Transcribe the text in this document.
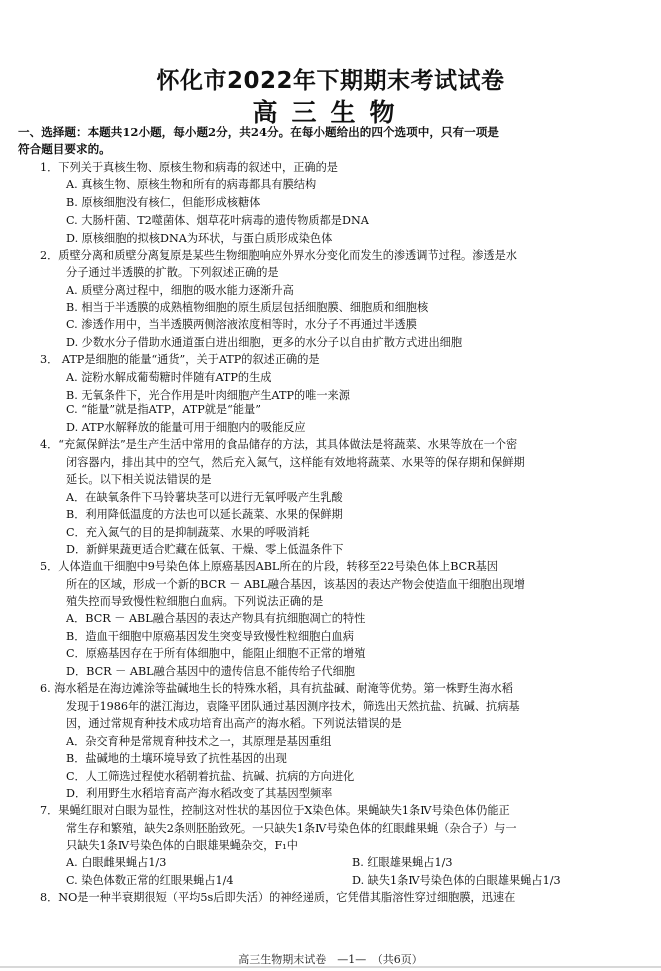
怀化市2022年下期期末考试试卷
高三生物
一、选择题：本题共12小题，每小题2分，共24分。在每小题给出的四个选项中，只有一项是
符合题目要求的。
1．下列关于真核生物、原核生物和病毒的叙述中，正确的是
A. 真核生物、原核生物和所有的病毒都具有膜结构
B. 原核细胞没有核仁，但能形成核糖体
C. 大肠杆菌、T2噬菌体、烟草花叶病毒的遗传物质都是DNA
D. 原核细胞的拟核DNA为环状，与蛋白质形成染色体
2．质壁分离和质壁分离复原是某些生物细胞响应外界水分变化而发生的渗透调节过程。渗透是水
分子通过半透膜的扩散。下列叙述正确的是
A. 质壁分离过程中，细胞的吸水能力逐渐升高
B. 相当于半透膜的成熟植物细胞的原生质层包括细胞膜、细胞质和细胞核
C. 渗透作用中，当半透膜两侧溶液浓度相等时，水分子不再通过半透膜
D. 少数水分子借助水通道蛋白进出细胞，更多的水分子以自由扩散方式进出细胞
3． ATP是细胞的能量“通货”，关于ATP的叙述正确的是
A. 淀粉水解成葡萄糖时伴随有ATP的生成
B. 无氧条件下，光合作用是叶肉细胞产生ATP的唯一来源
C. “能量”就是指ATP，ATP就是“能量”
D. ATP水解释放的能量可用于细胞内的吸能反应
4．“充氮保鲜法”是生产生活中常用的食品储存的方法，其具体做法是将蔬菜、水果等放在一个密
闭容器内，排出其中的空气，然后充入氮气，这样能有效地将蔬菜、水果等的保存期和保鲜期
延长。以下相关说法错误的是
A．在缺氧条件下马铃薯块茎可以进行无氧呼吸产生乳酸
B．利用降低温度的方法也可以延长蔬菜、水果的保鲜期
C．充入氮气的目的是抑制蔬菜、水果的呼吸消耗
D．新鲜果蔬更适合贮藏在低氧、干燥、零上低温条件下
5．人体造血干细胞中9号染色体上原癌基因ABL所在的片段，转移至22号染色体上BCR基因
所在的区域，形成一个新的BCR － ABL融合基因，该基因的表达产物会使造血干细胞出现增
殖失控而导致慢性粒细胞白血病。下列说法正确的是
A．BCR － ABL融合基因的表达产物具有抗细胞凋亡的特性
B．造血干细胞中原癌基因发生突变导致慢性粒细胞白血病
C．原癌基因存在于所有体细胞中，能阻止细胞不正常的增殖
D．BCR － ABL融合基因中的遗传信息不能传给子代细胞
6. 海水稻是在海边滩涂等盐碱地生长的特殊水稻，具有抗盐碱、耐淹等优势。第一株野生海水稻
发现于1986年的湛江海边，袁隆平团队通过基因测序技术，筛选出天然抗盐、抗碱、抗病基
因，通过常规育种技术成功培育出高产的海水稻。下列说法错误的是
A．杂交育种是常规育种技术之一，其原理是基因重组
B．盐碱地的土壤环境导致了抗性基因的出现
C．人工筛选过程使水稻朝着抗盐、抗碱、抗病的方向进化
D．利用野生水稻培育高产海水稻改变了其基因型频率
7．果蝇红眼对白眼为显性，控制这对性状的基因位于X染色体。果蝇缺失1条Ⅳ号染色体仍能正
常生存和繁殖，缺失2条则胚胎致死。一只缺失1条Ⅳ号染色体的红眼雌果蝇（杂合子）与一
只缺失1条Ⅳ号染色体的白眼雄果蝇杂交，F₁中
A. 白眼雌果蝇占1/3	B. 红眼雄果蝇占1/3
C. 染色体数正常的红眼果蝇占1/4	D. 缺失1条Ⅳ号染色体的白眼雄果蝇占1/3
8．NO是一种半衰期很短（平均5s后即失活）的神经递质，它凭借其脂溶性穿过细胞膜，迅速在
高三生物期末试卷　—1—　（共6页）
